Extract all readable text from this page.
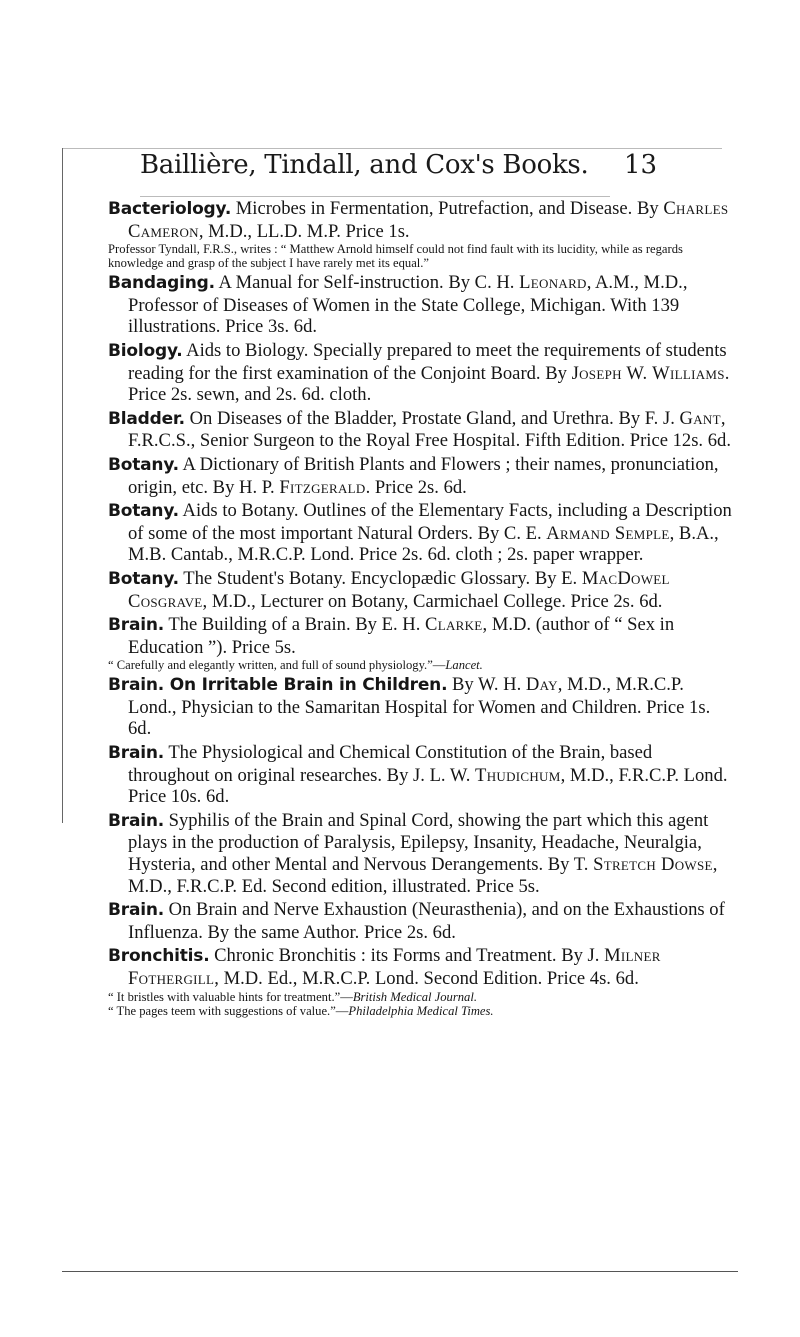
Baillière, Tindall, and Cox's Books. 13
Bacteriology. Microbes in Fermentation, Putrefaction, and Disease. By Charles Cameron, M.D., LL.D. M.P. Price 1s.
Professor Tyndall, F.R.S., writes : “ Matthew Arnold himself could not find fault with its lucidity, while as regards knowledge and grasp of the subject I have rarely met its equal.”
Bandaging. A Manual for Self-instruction. By C. H. Leonard, A.M., M.D., Professor of Diseases of Women in the State College, Michigan. With 139 illustrations. Price 3s. 6d.
Biology. Aids to Biology. Specially prepared to meet the requirements of students reading for the first examination of the Conjoint Board. By Joseph W. Williams. Price 2s. sewn, and 2s. 6d. cloth.
Bladder. On Diseases of the Bladder, Prostate Gland, and Urethra. By F. J. Gant, F.R.C.S., Senior Surgeon to the Royal Free Hospital. Fifth Edition. Price 12s. 6d.
Botany. A Dictionary of British Plants and Flowers ; their names, pronunciation, origin, etc. By H. P. Fitzgerald. Price 2s. 6d.
Botany. Aids to Botany. Outlines of the Elementary Facts, including a Description of some of the most important Natural Orders. By C. E. Armand Semple, B.A., M.B. Cantab., M.R.C.P. Lond. Price 2s. 6d. cloth ; 2s. paper wrapper.
Botany. The Student's Botany. Encyclopædic Glossary. By E. MacDowel Cosgrave, M.D., Lecturer on Botany, Carmichael College. Price 2s. 6d.
Brain. The Building of a Brain. By E. H. Clarke, M.D. (author of “ Sex in Education ”). Price 5s.
“ Carefully and elegantly written, and full of sound physiology.”—Lancet.
Brain. On Irritable Brain in Children. By W. H. Day, M.D., M.R.C.P. Lond., Physician to the Samaritan Hospital for Women and Children. Price 1s. 6d.
Brain. The Physiological and Chemical Constitution of the Brain, based throughout on original researches. By J. L. W. Thudichum, M.D., F.R.C.P. Lond. Price 10s. 6d.
Brain. Syphilis of the Brain and Spinal Cord, showing the part which this agent plays in the production of Paralysis, Epilepsy, Insanity, Headache, Neuralgia, Hysteria, and other Mental and Nervous Derangements. By T. Stretch Dowse, M.D., F.R.C.P. Ed. Second edition, illustrated. Price 5s.
Brain. On Brain and Nerve Exhaustion (Neurasthenia), and on the Exhaustions of Influenza. By the same Author. Price 2s. 6d.
Bronchitis. Chronic Bronchitis : its Forms and Treatment. By J. Milner Fothergill, M.D. Ed., M.R.C.P. Lond. Second Edition. Price 4s. 6d.
“ It bristles with valuable hints for treatment.”—British Medical Journal.
“ The pages teem with suggestions of value.”—Philadelphia Medical Times.
